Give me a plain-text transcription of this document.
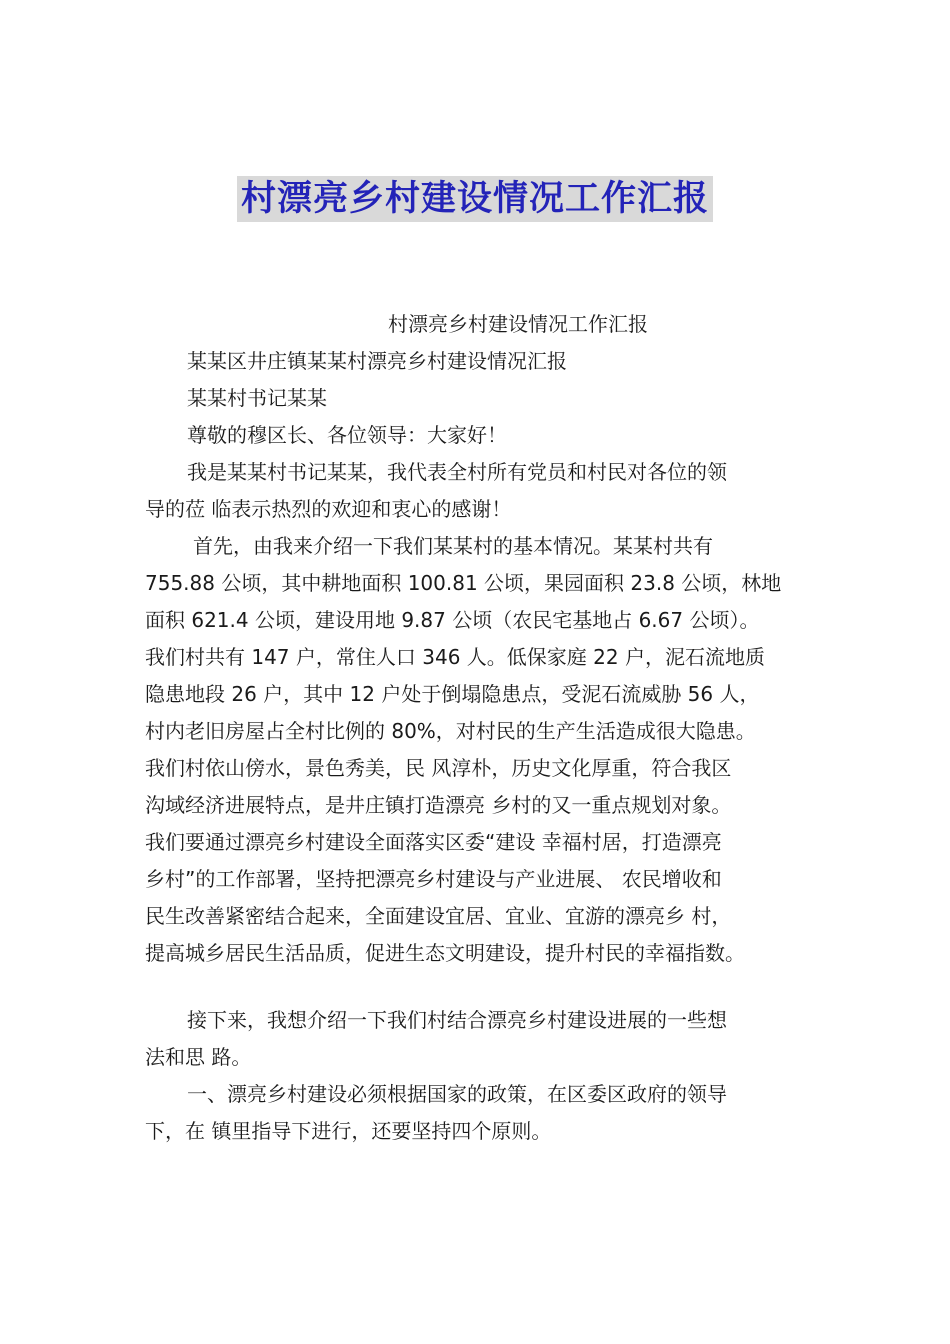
村漂亮乡村建设情况工作汇报
村漂亮乡村建设情况工作汇报
某某区井庄镇某某村漂亮乡村建设情况汇报
某某村书记某某
尊敬的穆区长、各位领导：大家好！
我是某某村书记某某，我代表全村所有党员和村民对各位的领
导的莅 临表示热烈的欢迎和衷心的感谢！
首先，由我来介绍一下我们某某村的基本情况。某某村共有
755.88 公顷，其中耕地面积 100.81 公顷，果园面积 23.8 公顷，林地
面积 621.4 公顷，建设用地 9.87 公顷（农民宅基地占 6.67 公顷）。
我们村共有 147 户，常住人口 346 人。低保家庭 22 户，泥石流地质
隐患地段 26 户，其中 12 户处于倒塌隐患点，受泥石流威胁 56 人，
村内老旧房屋占全村比例的 80%，对村民的生产生活造成很大隐患。
我们村依山傍水，景色秀美，民 风淳朴，历史文化厚重，符合我区
沟域经济进展特点，是井庄镇打造漂亮 乡村的又一重点规划对象。
我们要通过漂亮乡村建设全面落实区委“建设 幸福村居，打造漂亮
乡村”的工作部署，坚持把漂亮乡村建设与产业进展、 农民增收和
民生改善紧密结合起来，全面建设宜居、宜业、宜游的漂亮乡 村，
提高城乡居民生活品质，促进生态文明建设，提升村民的幸福指数。
接下来，我想介绍一下我们村结合漂亮乡村建设进展的一些想
法和思 路。
一、漂亮乡村建设必须根据国家的政策，在区委区政府的领导
下，在 镇里指导下进行，还要坚持四个原则。
